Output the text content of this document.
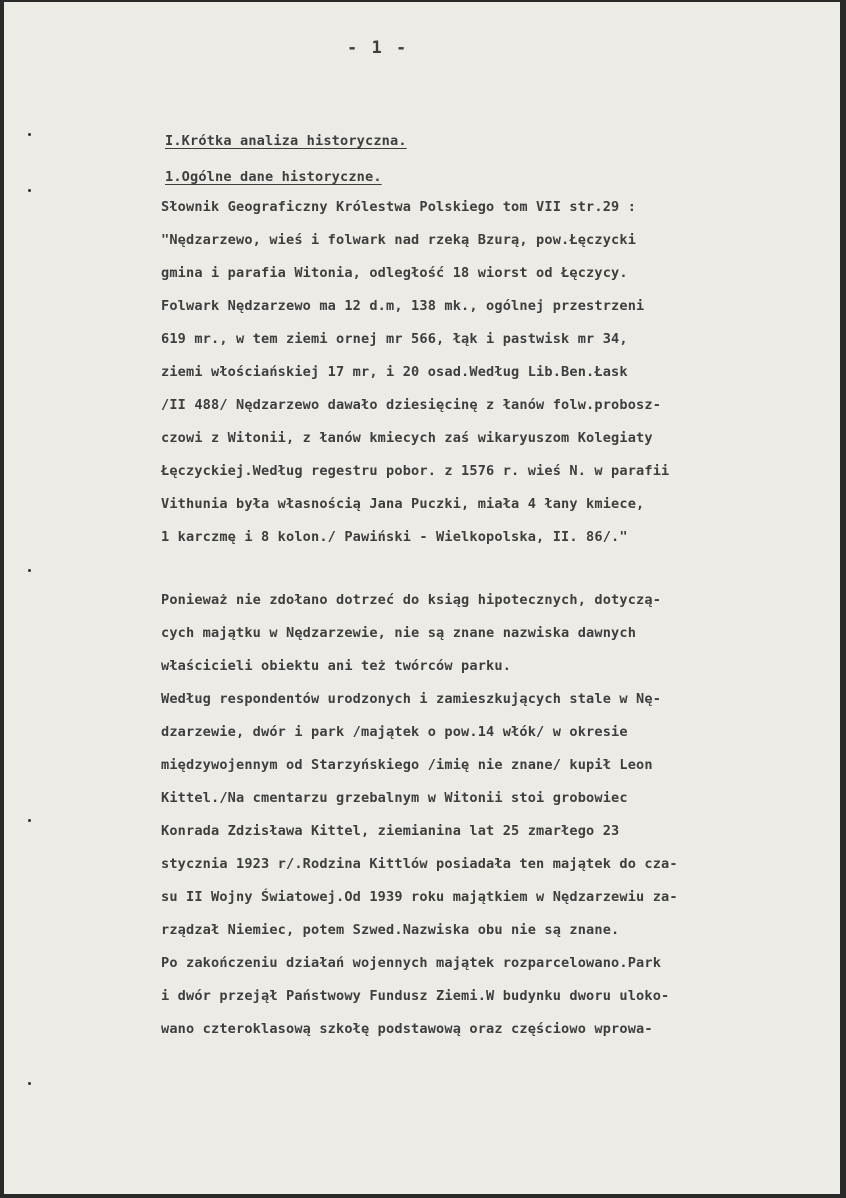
- 1 -

I.Krótka analiza historyczna.

1.Ogólne dane historyczne.

Słownik Geograficzny Królestwa Polskiego tom VII str.29 :
"Nędzarzewo, wieś i folwark nad rzeką Bzurą, pow.Łęczycki
gmina i parafia Witonia, odległość 18 wiorst od Łęczycy.
Folwark Nędzarzewo ma 12 d.m, 138 mk., ogólnej przestrzeni
619 mr., w tem ziemi ornej mr 566, łąk i pastwisk mr 34,
ziemi włościańskiej 17 mr, i 20 osad.Według Lib.Ben.Łask
/II 488/ Nędzarzewo dawało dziesięcinę z łanów folw.probosz-
czowi z Witonii, z łanów kmiecych zaś wikaryuszom Kolegiaty
Łęczyckiej.Według regestru pobor. z 1576 r. wieś N. w parafii
Vithunia była własnością Jana Puczki, miała 4 łany kmiece,
1 karczmę i 8 kolon./ Pawiński - Wielkopolska, II. 86/."
Ponieważ nie zdołano dotrzeć do ksiąg hipotecznych, dotyczą-
cych majątku w Nędzarzewie, nie są znane nazwiska dawnych
właścicieli obiektu ani też twórców parku.
Według respondentów urodzonych i zamieszkujących stale w Nę-
dzarzewie, dwór i park /majątek o pow.14 włók/ w okresie
międzywojennym od Starzyńskiego /imię nie znane/ kupił Leon
Kittel./Na cmentarzu grzebalnym w Witonii stoi grobowiec
Konrada Zdzisława Kittel, ziemianina lat 25 zmarłego 23
stycznia 1923 r/.Rodzina Kittlów posiadała ten majątek do cza-
su II Wojny Światowej.Od 1939 roku majątkiem w Nędzarzewiu za-
rządzał Niemiec, potem Szwed.Nazwiska obu nie są znane.
Po zakończeniu działań wojennych majątek rozparcelowano.Park
i dwór przejął Państwowy Fundusz Ziemi.W budynku dworu uloko-
wano czteroklasową szkołę podstawową oraz częściowo wprowa-
